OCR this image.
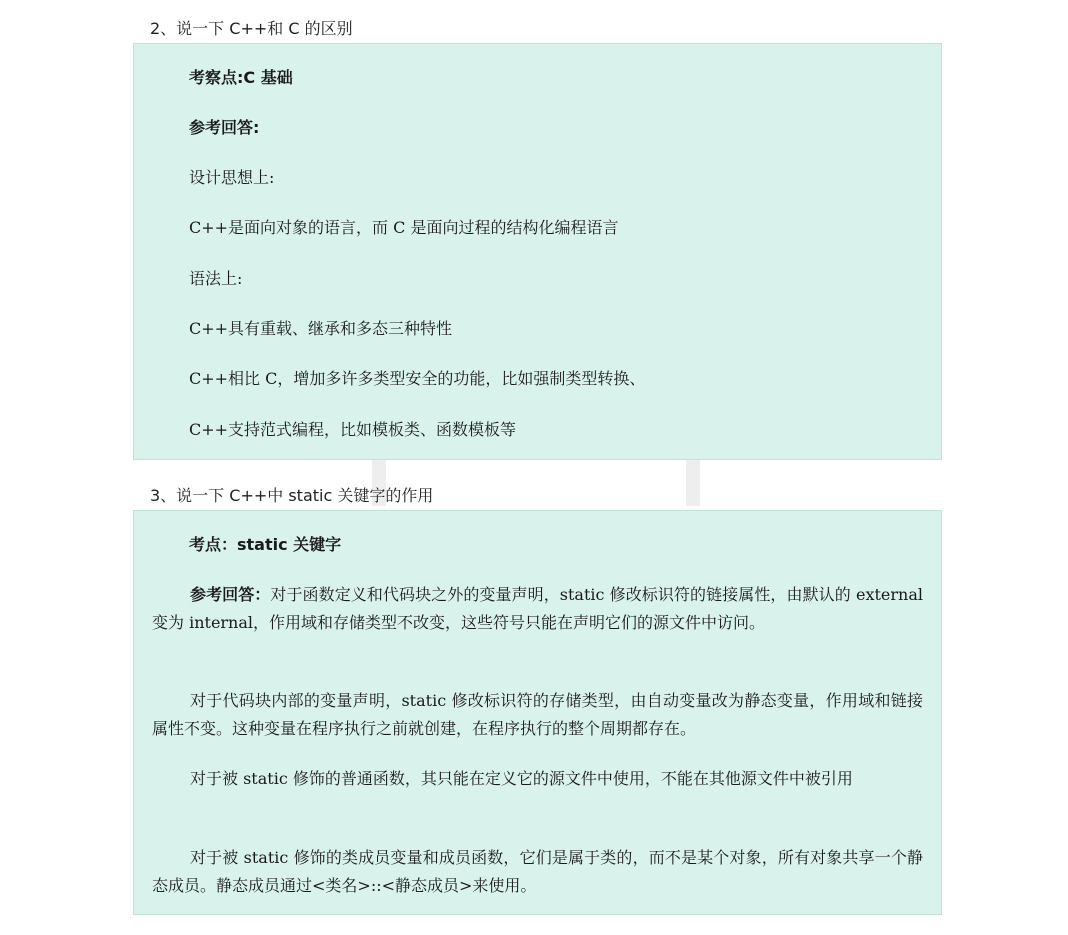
2、说一下 C++和 C 的区别

考察点:C 基础

参考回答:

设计思想上:

C++是面向对象的语言，而 C 是面向过程的结构化编程语言

语法上:

C++具有重载、继承和多态三种特性

C++相比 C，增加多许多类型安全的功能，比如强制类型转换、

C++支持范式编程，比如模板类、函数模板等

3、说一下 C++中 static 关键字的作用

考点：static 关键字

参考回答：对于函数定义和代码块之外的变量声明，static 修改标识符的链接属性，由默认的 external 变为 internal，作用域和存储类型不改变，这些符号只能在声明它们的源文件中访问。
对于代码块内部的变量声明，static 修改标识符的存储类型，由自动变量改为静态变量，作用域和链接属性不变。这种变量在程序执行之前就创建，在程序执行的整个周期都存在。
对于被 static 修饰的普通函数，其只能在定义它的源文件中使用，不能在其他源文件中被引用
对于被 static 修饰的类成员变量和成员函数，它们是属于类的，而不是某个对象，所有对象共享一个静态成员。静态成员通过<类名>::<静态成员>来使用。
